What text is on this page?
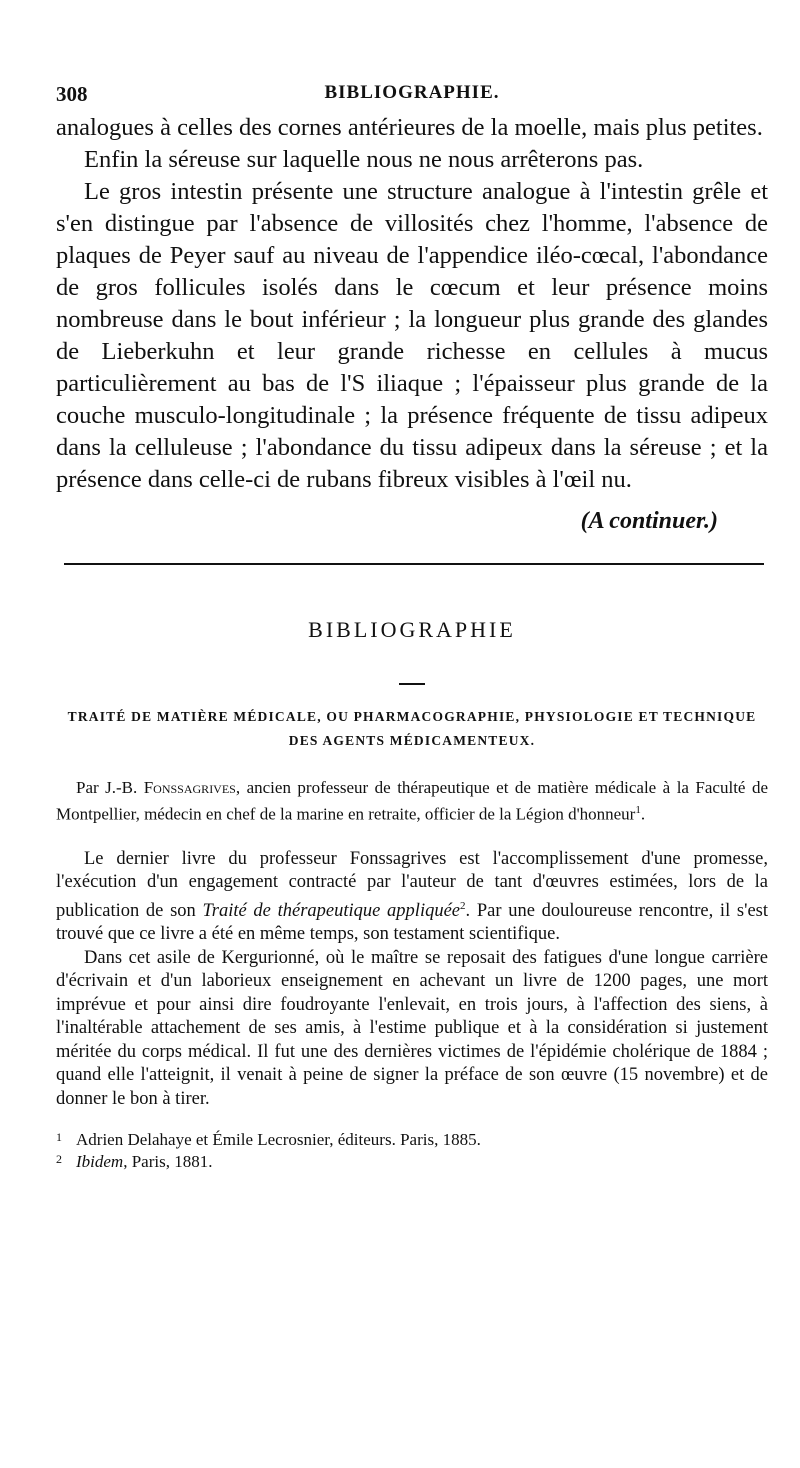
308	BIBLIOGRAPHIE.

analogues à celles des cornes antérieures de la moelle, mais plus petites.

Enfin la séreuse sur laquelle nous ne nous arrêterons pas.

Le gros intestin présente une structure analogue à l'intestin grêle et s'en distingue par l'absence de villosités chez l'homme, l'absence de plaques de Peyer sauf au niveau de l'appendice iléo-cœcal, l'abondance de gros follicules isolés dans le cœcum et leur présence moins nombreuse dans le bout inférieur ; la longueur plus grande des glandes de Lieberkuhn et leur grande richesse en cellules à mucus particulièrement au bas de l'S iliaque ; l'épaisseur plus grande de la couche musculo-longitudinale ; la présence fréquente de tissu adipeux dans la celluleuse ; l'abondance du tissu adipeux dans la séreuse ; et la présence dans celle-ci de rubans fibreux visibles à l'œil nu.

(A continuer.)
BIBLIOGRAPHIE
TRAITÉ DE MATIÈRE MÉDICALE, OU PHARMACOGRAPHIE, PHYSIOLOGIE ET TECHNIQUE
DES AGENTS MÉDICAMENTEUX.

Par J.-B. Fonssagrives, ancien professeur de thérapeutique et de matière médicale à la Faculté de Montpellier, médecin en chef de la marine en retraite, officier de la Légion d'honneur$^1$.

Le dernier livre du professeur Fonssagrives est l'accomplissement d'une promesse, l'exécution d'un engagement contracté par l'auteur de tant d'œuvres estimées, lors de la publication de son Traité de thérapeutique appliquée$^2$. Par une douloureuse rencontre, il s'est trouvé que ce livre a été en même temps, son testament scientifique.

Dans cet asile de Kergurionné, où le maître se reposait des fatigues d'une longue carrière d'écrivain et d'un laborieux enseignement en achevant un livre de 1200 pages, une mort imprévue et pour ainsi dire foudroyante l'enlevait, en trois jours, à l'affection des siens, à l'inaltérable attachement de ses amis, à l'estime publique et à la considération si justement méritée du corps médical. Il fut une des dernières victimes de l'épidémie cholérique de 1884 ; quand elle l'atteignit, il venait à peine de signer la préface de son œuvre (15 novembre) et de donner le bon à tirer.

1 Adrien Delahaye et Émile Lecrosnier, éditeurs. Paris, 1885.
2 Ibidem, Paris, 1881.
